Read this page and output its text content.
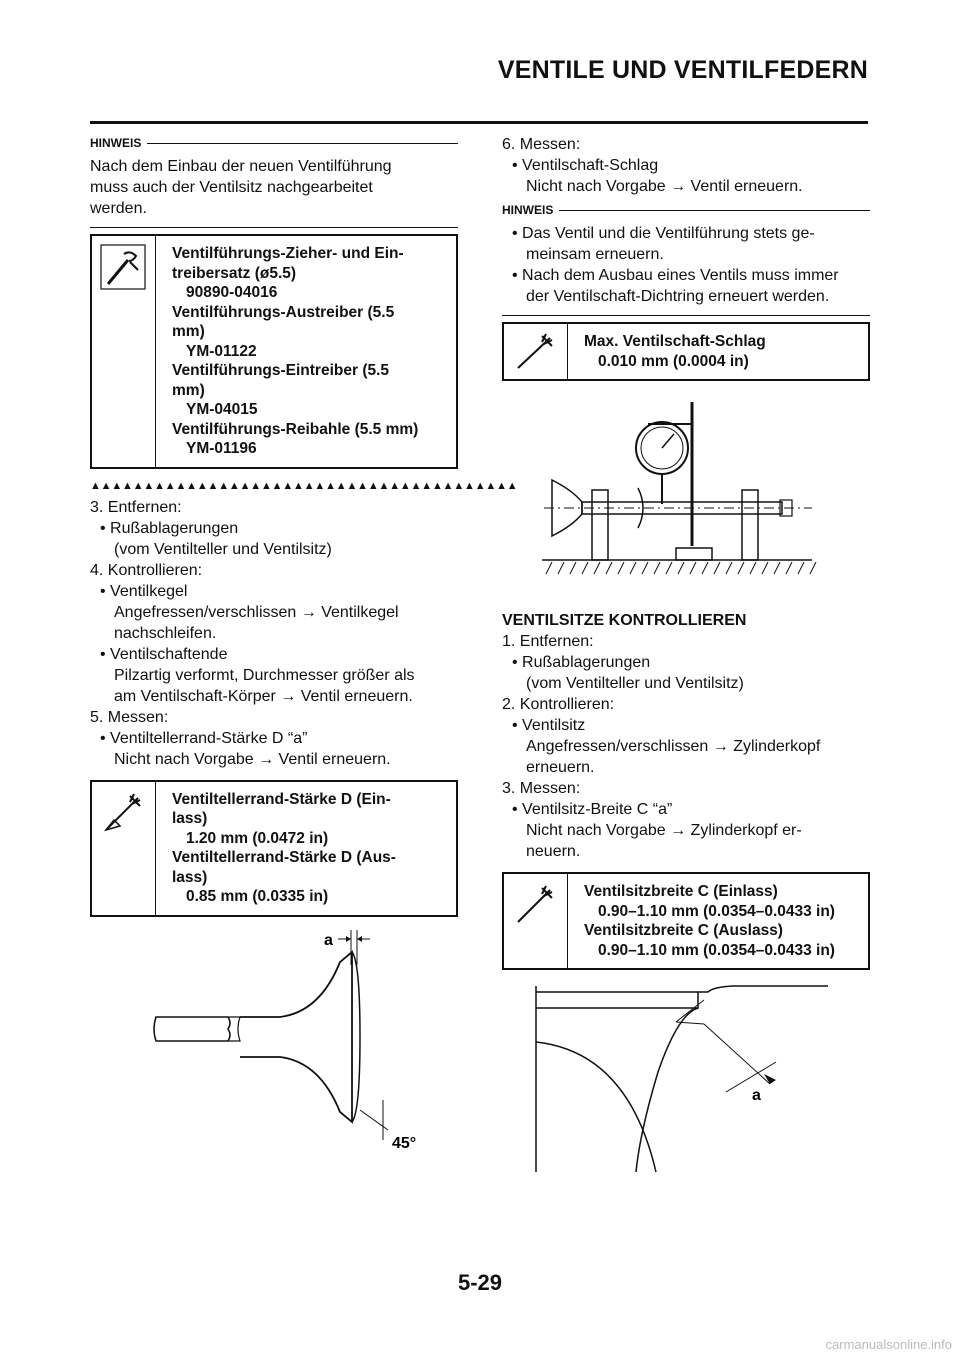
VENTILE UND VENTILFEDERN
HINWEIS
Nach dem Einbau der neuen Ventilführung
muss auch der Ventilsitz nachgearbeitet
werden.
Ventilführungs-Zieher- und Ein-
treibersatz (ø5.5)
90890-04016
Ventilführungs-Austreiber (5.5
mm)
YM-01122
Ventilführungs-Eintreiber (5.5
mm)
YM-04015
Ventilführungs-Reibahle (5.5 mm)
YM-01196
▲▲▲▲▲▲▲▲▲▲▲▲▲▲▲▲▲▲▲▲▲▲▲▲▲▲▲▲▲▲▲▲▲▲▲▲▲▲▲▲
3. Entfernen:
• Rußablagerungen
(vom Ventilteller und Ventilsitz)
4. Kontrollieren:
• Ventilkegel
Angefressen/verschlissen → Ventilkegel
nachschleifen.
• Ventilschaftende
Pilzartig verformt, Durchmesser größer als
am Ventilschaft-Körper → Ventil erneuern.
5. Messen:
• Ventiltellerrand-Stärke D “a”
Nicht nach Vorgabe → Ventil erneuern.
Ventiltellerrand-Stärke D (Ein-
lass)
1.20 mm (0.0472 in)
Ventiltellerrand-Stärke D (Aus-
lass)
0.85 mm (0.0335 in)
a
45°
6. Messen:
• Ventilschaft-Schlag
Nicht nach Vorgabe → Ventil erneuern.
HINWEIS
• Das Ventil und die Ventilführung stets ge-
meinsam erneuern.
• Nach dem Ausbau eines Ventils muss immer
der Ventilschaft-Dichtring erneuert werden.
Max. Ventilschaft-Schlag
0.010 mm (0.0004 in)
VENTILSITZE KONTROLLIEREN
1. Entfernen:
• Rußablagerungen
(vom Ventilteller und Ventilsitz)
2. Kontrollieren:
• Ventilsitz
Angefressen/verschlissen → Zylinderkopf
erneuern.
3. Messen:
• Ventilsitz-Breite C “a”
Nicht nach Vorgabe → Zylinderkopf er-
neuern.
Ventilsitzbreite C (Einlass)
0.90–1.10 mm (0.0354–0.0433 in)
Ventilsitzbreite C (Auslass)
0.90–1.10 mm (0.0354–0.0433 in)
a
5-29
carmanualsonline.info
